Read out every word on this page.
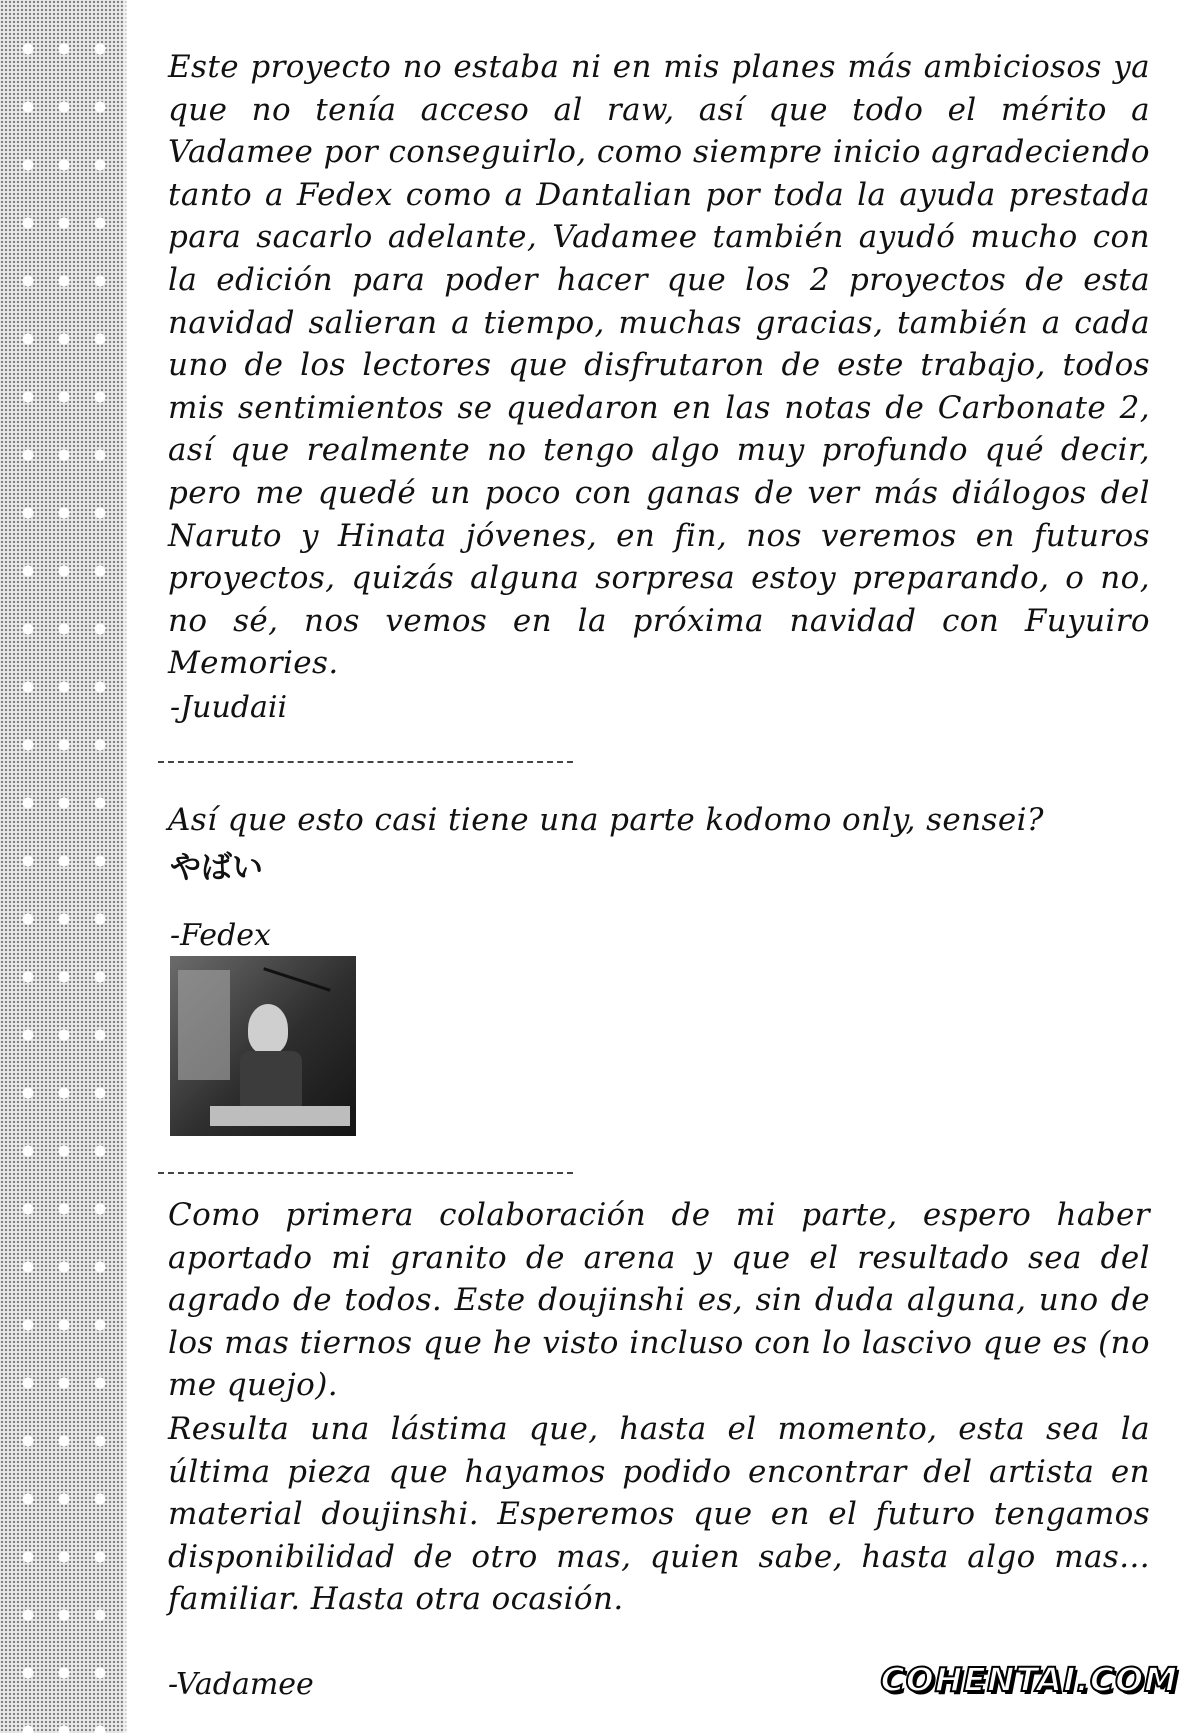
Este proyecto no estaba ni en mis planes más ambiciosos ya que no tenía acceso al raw, así que todo el mérito a Vadamee por conseguirlo, como siempre inicio agradeciendo tanto a Fedex como a Dantalian por toda la ayuda prestada para sacarlo adelante, Vadamee también ayudó mucho con la edición para poder hacer que los 2 proyectos de esta navidad salieran a tiempo, muchas gracias, también a cada uno de los lectores que disfrutaron de este trabajo, todos mis sentimientos se quedaron en las notas de Carbonate 2, así que realmente no tengo algo muy profundo qué decir, pero me quedé un poco con ganas de ver más diálogos del Naruto y Hinata jóvenes, en fin, nos veremos en futuros proyectos, quizás alguna sorpresa estoy preparando, o no, no sé, nos vemos en la próxima navidad con Fuyuiro Memories.

-Juudaii

Así que esto casi tiene una parte kodomo only, sensei?

やばい

-Fedex

Como primera colaboración de mi parte, espero haber aportado mi granito de arena y que el resultado sea del agrado de todos. Este doujinshi es, sin duda alguna, uno de los mas tiernos que he visto incluso con lo lascivo que es (no me quejo).

Resulta una lástima que, hasta el momento, esta sea la última pieza que hayamos podido encontrar del artista en material doujinshi. Esperemos que en el futuro tengamos disponibilidad de otro mas, quien sabe, hasta algo mas... familiar. Hasta otra ocasión.

-Vadamee	COHENTAI.COM
